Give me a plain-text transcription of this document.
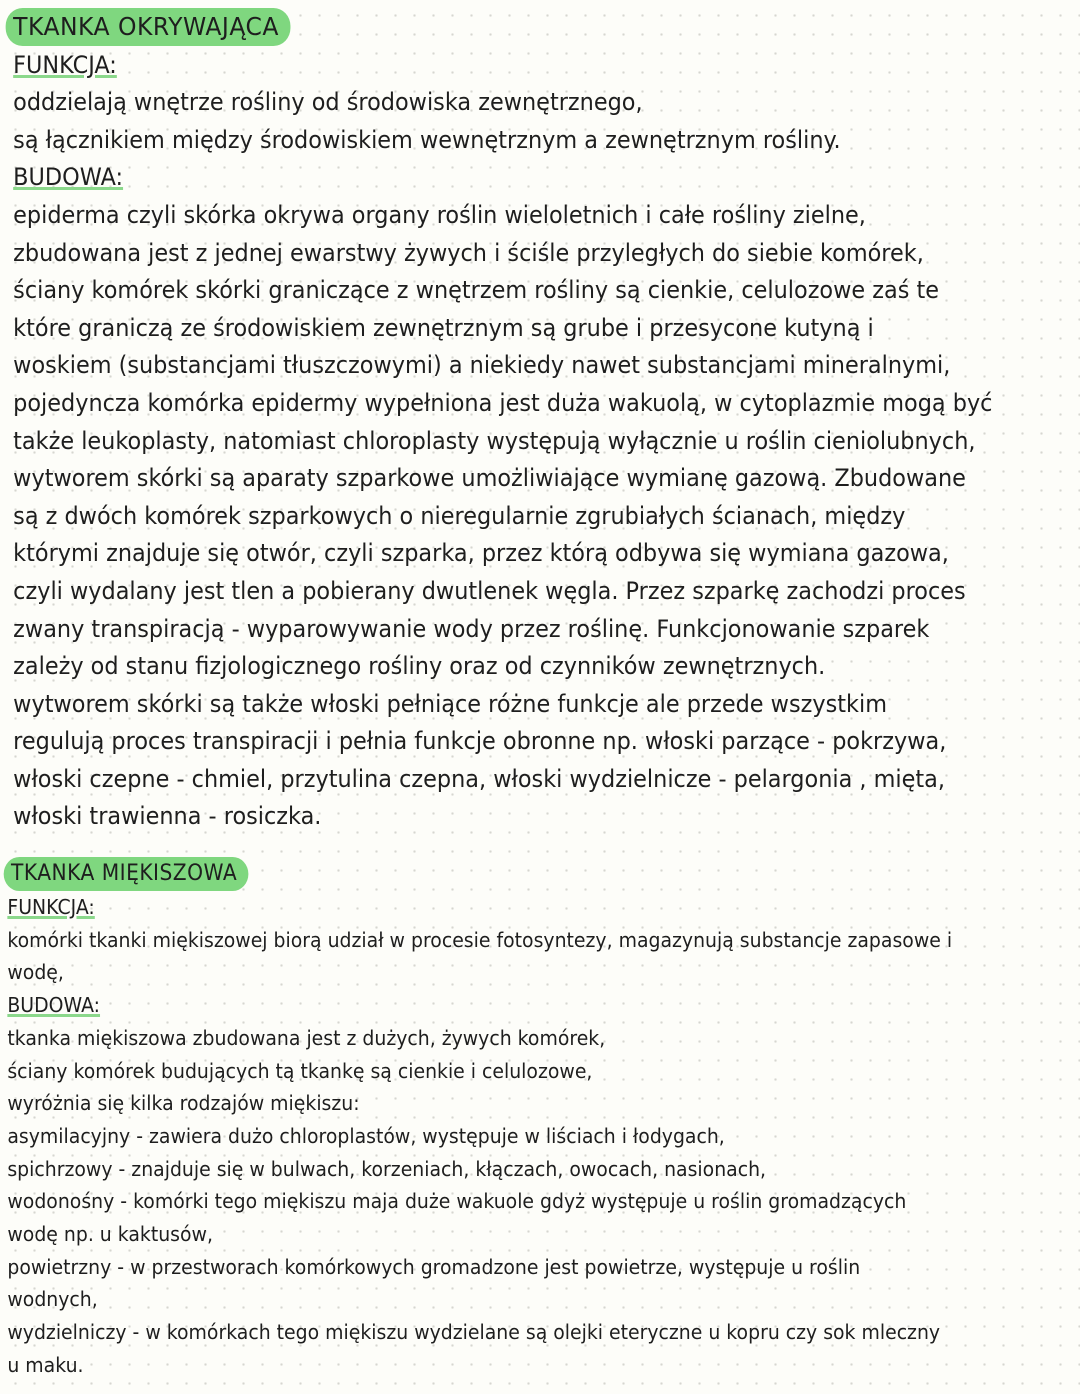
TKANKA OKRYWAJĄCA
FUNKCJA:
oddzielają wnętrze rośliny od środowiska zewnętrznego,
są łącznikiem między środowiskiem wewnętrznym a zewnętrznym rośliny.
BUDOWA:
epiderma czyli skórka okrywa organy roślin wieloletnich i całe rośliny zielne,
zbudowana jest z jednej ewarstwy żywych i ściśle przyległych do siebie komórek,
ściany komórek skórki graniczące z wnętrzem rośliny są cienkie, celulozowe zaś te
które graniczą ze środowiskiem zewnętrznym są grube i przesycone kutyną i
woskiem (substancjami tłuszczowymi) a niekiedy nawet substancjami mineralnymi,
pojedyncza komórka epidermy wypełniona jest duża wakuolą, w cytoplazmie mogą być
także leukoplasty, natomiast chloroplasty występują wyłącznie u roślin cieniolubnych,
wytworem skórki są aparaty szparkowe umożliwiające wymianę gazową. Zbudowane
są z dwóch komórek szparkowych o nieregularnie zgrubiałych ścianach, między
którymi znajduje się otwór, czyli szparka, przez którą odbywa się wymiana gazowa,
czyli wydalany jest tlen a pobierany dwutlenek węgla. Przez szparkę zachodzi proces
zwany transpiracją - wyparowywanie wody przez roślinę. Funkcjonowanie szparek
zależy od stanu fizjologicznego rośliny oraz od czynników zewnętrznych.
wytworem skórki są także włoski pełniące różne funkcje ale przede wszystkim
regulują proces transpiracji i pełnia funkcje obronne np. włoski parzące - pokrzywa,
włoski czepne - chmiel, przytulina czepna, włoski wydzielnicze - pelargonia , mięta,
włoski trawienna - rosiczka.
TKANKA MIĘKISZOWA
FUNKCJA:
komórki tkanki miękiszowej biorą udział w procesie fotosyntezy, magazynują substancje zapasowe i
wodę,
BUDOWA:
tkanka miękiszowa zbudowana jest z dużych, żywych komórek,
ściany komórek budujących tą tkankę są cienkie i celulozowe,
wyróżnia się kilka rodzajów miękiszu:
asymilacyjny - zawiera dużo chloroplastów, występuje w liściach i łodygach,
spichrzowy - znajduje się w bulwach, korzeniach, kłączach, owocach, nasionach,
wodonośny - komórki tego miękiszu maja duże wakuole gdyż występuje u roślin gromadzących
wodę np. u kaktusów,
powietrzny - w przestworach komórkowych gromadzone jest powietrze, występuje u roślin
wodnych,
wydzielniczy - w komórkach tego miękiszu wydzielane są olejki eteryczne u kopru czy sok mleczny
u maku.
